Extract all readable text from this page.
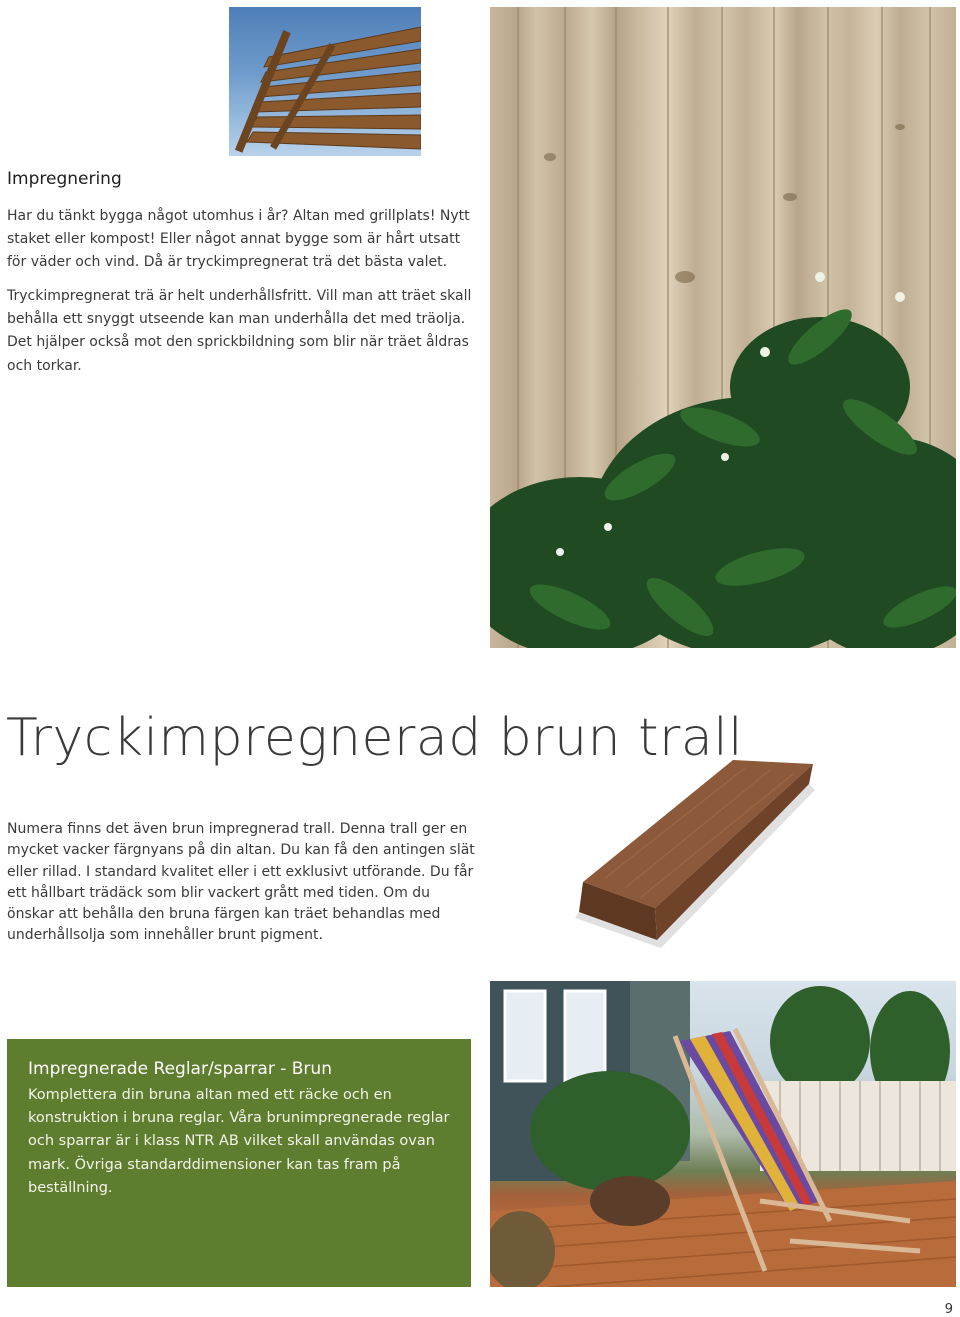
Impregnering

Har du tänkt bygga något utomhus i år? Altan med grillplats! Nytt staket eller kompost! Eller något annat bygge som är hårt utsatt för väder och vind. Då är tryckimpregnerat trä det bästa valet.

Tryckimpregnerat trä är helt underhållsfritt. Vill man att träet skall behålla ett snyggt utseende kan man underhålla det med träolja. Det hjälper också mot den sprickbildning som blir när träet åldras och torkar.

Tryckimpregnerad brun trall

Numera finns det även brun impregnerad trall. Denna trall ger en mycket vacker färgnyans på din altan. Du kan få den antingen slät eller rillad. I standard kvalitet eller i ett exklusivt utförande. Du får ett hållbart trädäck som blir vackert grått med tiden. Om du önskar att behålla den bruna färgen kan träet behandlas med underhållsolja som innehåller brunt pigment.

Impregnerade Reglar/sparrar - Brun

Komplettera din bruna altan med ett räcke och en konstruktion i bruna reglar. Våra brunimpregnerade reglar och sparrar är i klass NTR AB vilket skall användas ovan mark. Övriga standarddimensioner kan tas fram på beställning.

9
